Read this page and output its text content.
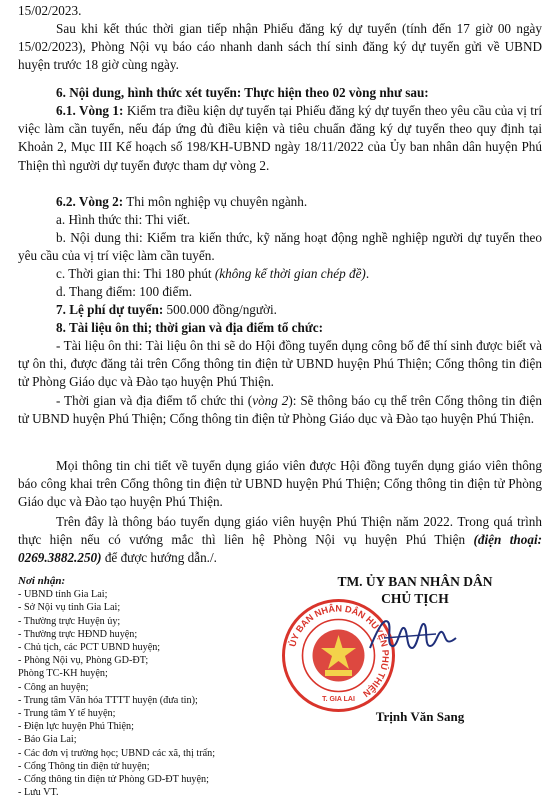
15/02/2023.

Sau khi kết thúc thời gian tiếp nhận Phiếu đăng ký dự tuyển (tính đến 17 giờ 00 ngày 15/02/2023), Phòng Nội vụ báo cáo nhanh danh sách thí sinh đăng ký dự tuyển gửi về UBND huyện trước 18 giờ cùng ngày.

6. Nội dung, hình thức xét tuyển: Thực hiện theo 02 vòng như sau:

6.1. Vòng 1: Kiểm tra điều kiện dự tuyển tại Phiếu đăng ký dự tuyển theo yêu cầu của vị trí việc làm cần tuyển, nếu đáp ứng đủ điều kiện và tiêu chuẩn đăng ký dự tuyển theo quy định tại Khoản 2, Mục III Kế hoạch số 198/KH-UBND ngày 18/11/2022 của Ủy ban nhân dân huyện Phú Thiện thì người dự tuyển được tham dự vòng 2.

6.2. Vòng 2: Thi môn nghiệp vụ chuyên ngành.

a. Hình thức thi: Thi viết.

b. Nội dung thi: Kiểm tra kiến thức, kỹ năng hoạt động nghề nghiệp người dự tuyển theo yêu cầu của vị trí việc làm cần tuyển.

c. Thời gian thi: Thi 180 phút (không kể thời gian chép đề).

d. Thang điểm: 100 điểm.

7. Lệ phí dự tuyển: 500.000 đồng/người.

8. Tài liệu ôn thi; thời gian và địa điểm tổ chức:

- Tài liệu ôn thi: Tài liệu ôn thi sẽ do Hội đồng tuyển dụng công bố để thí sinh được biết và tự ôn thi, được đăng tải trên Cổng thông tin điện tử UBND huyện Phú Thiện; Cổng thông tin điện tử Phòng Giáo dục và Đào tạo huyện Phú Thiện.

- Thời gian và địa điểm tổ chức thi (vòng 2): Sẽ thông báo cụ thể trên Cổng thông tin điện tử UBND huyện Phú Thiện; Cổng thông tin điện tử Phòng Giáo dục và Đào tạo huyện Phú Thiện.

Mọi thông tin chi tiết về tuyển dụng giáo viên được Hội đồng tuyển dụng giáo viên thông báo công khai trên Cổng thông tin điện tử UBND huyện Phú Thiện; Cổng thông tin điện tử Phòng Giáo dục và Đào tạo huyện Phú Thiện.

Trên đây là thông báo tuyển dụng giáo viên huyện Phú Thiện năm 2022. Trong quá trình thực hiện nếu có vướng mắc thì liên hệ Phòng Nội vụ huyện Phú Thiện (điện thoại: 0269.3882.250) để được hướng dẫn./.

Nơi nhận:
- UBND tỉnh Gia Lai;
- Sở Nội vụ tỉnh Gia Lai;
- Thường trực Huyện ủy;
- Thường trực HĐND huyện;
- Chủ tịch, các PCT UBND huyện;
- Phòng Nội vụ, Phòng GD-ĐT;
Phòng TC-KH huyện;
- Công an huyện;
- Trung tâm Văn hóa TTTT huyện (đưa tin);
- Trung tâm Y tế huyện;
- Điện lực huyện Phú Thiện;
- Báo Gia Lai;
- Các đơn vị trường học; UBND các xã, thị trấn;
- Cổng Thông tin điện tử huyện;
- Cổng thông tin điện tử Phòng GD-ĐT huyện;
- Lưu VT.
TM. ỦY BAN NHÂN DÂN
CHỦ TỊCH
ỦY BAN NHÂN DÂN HUYỆN PHÚ THIỆN
T. GIA LAI
Trịnh Văn Sang
